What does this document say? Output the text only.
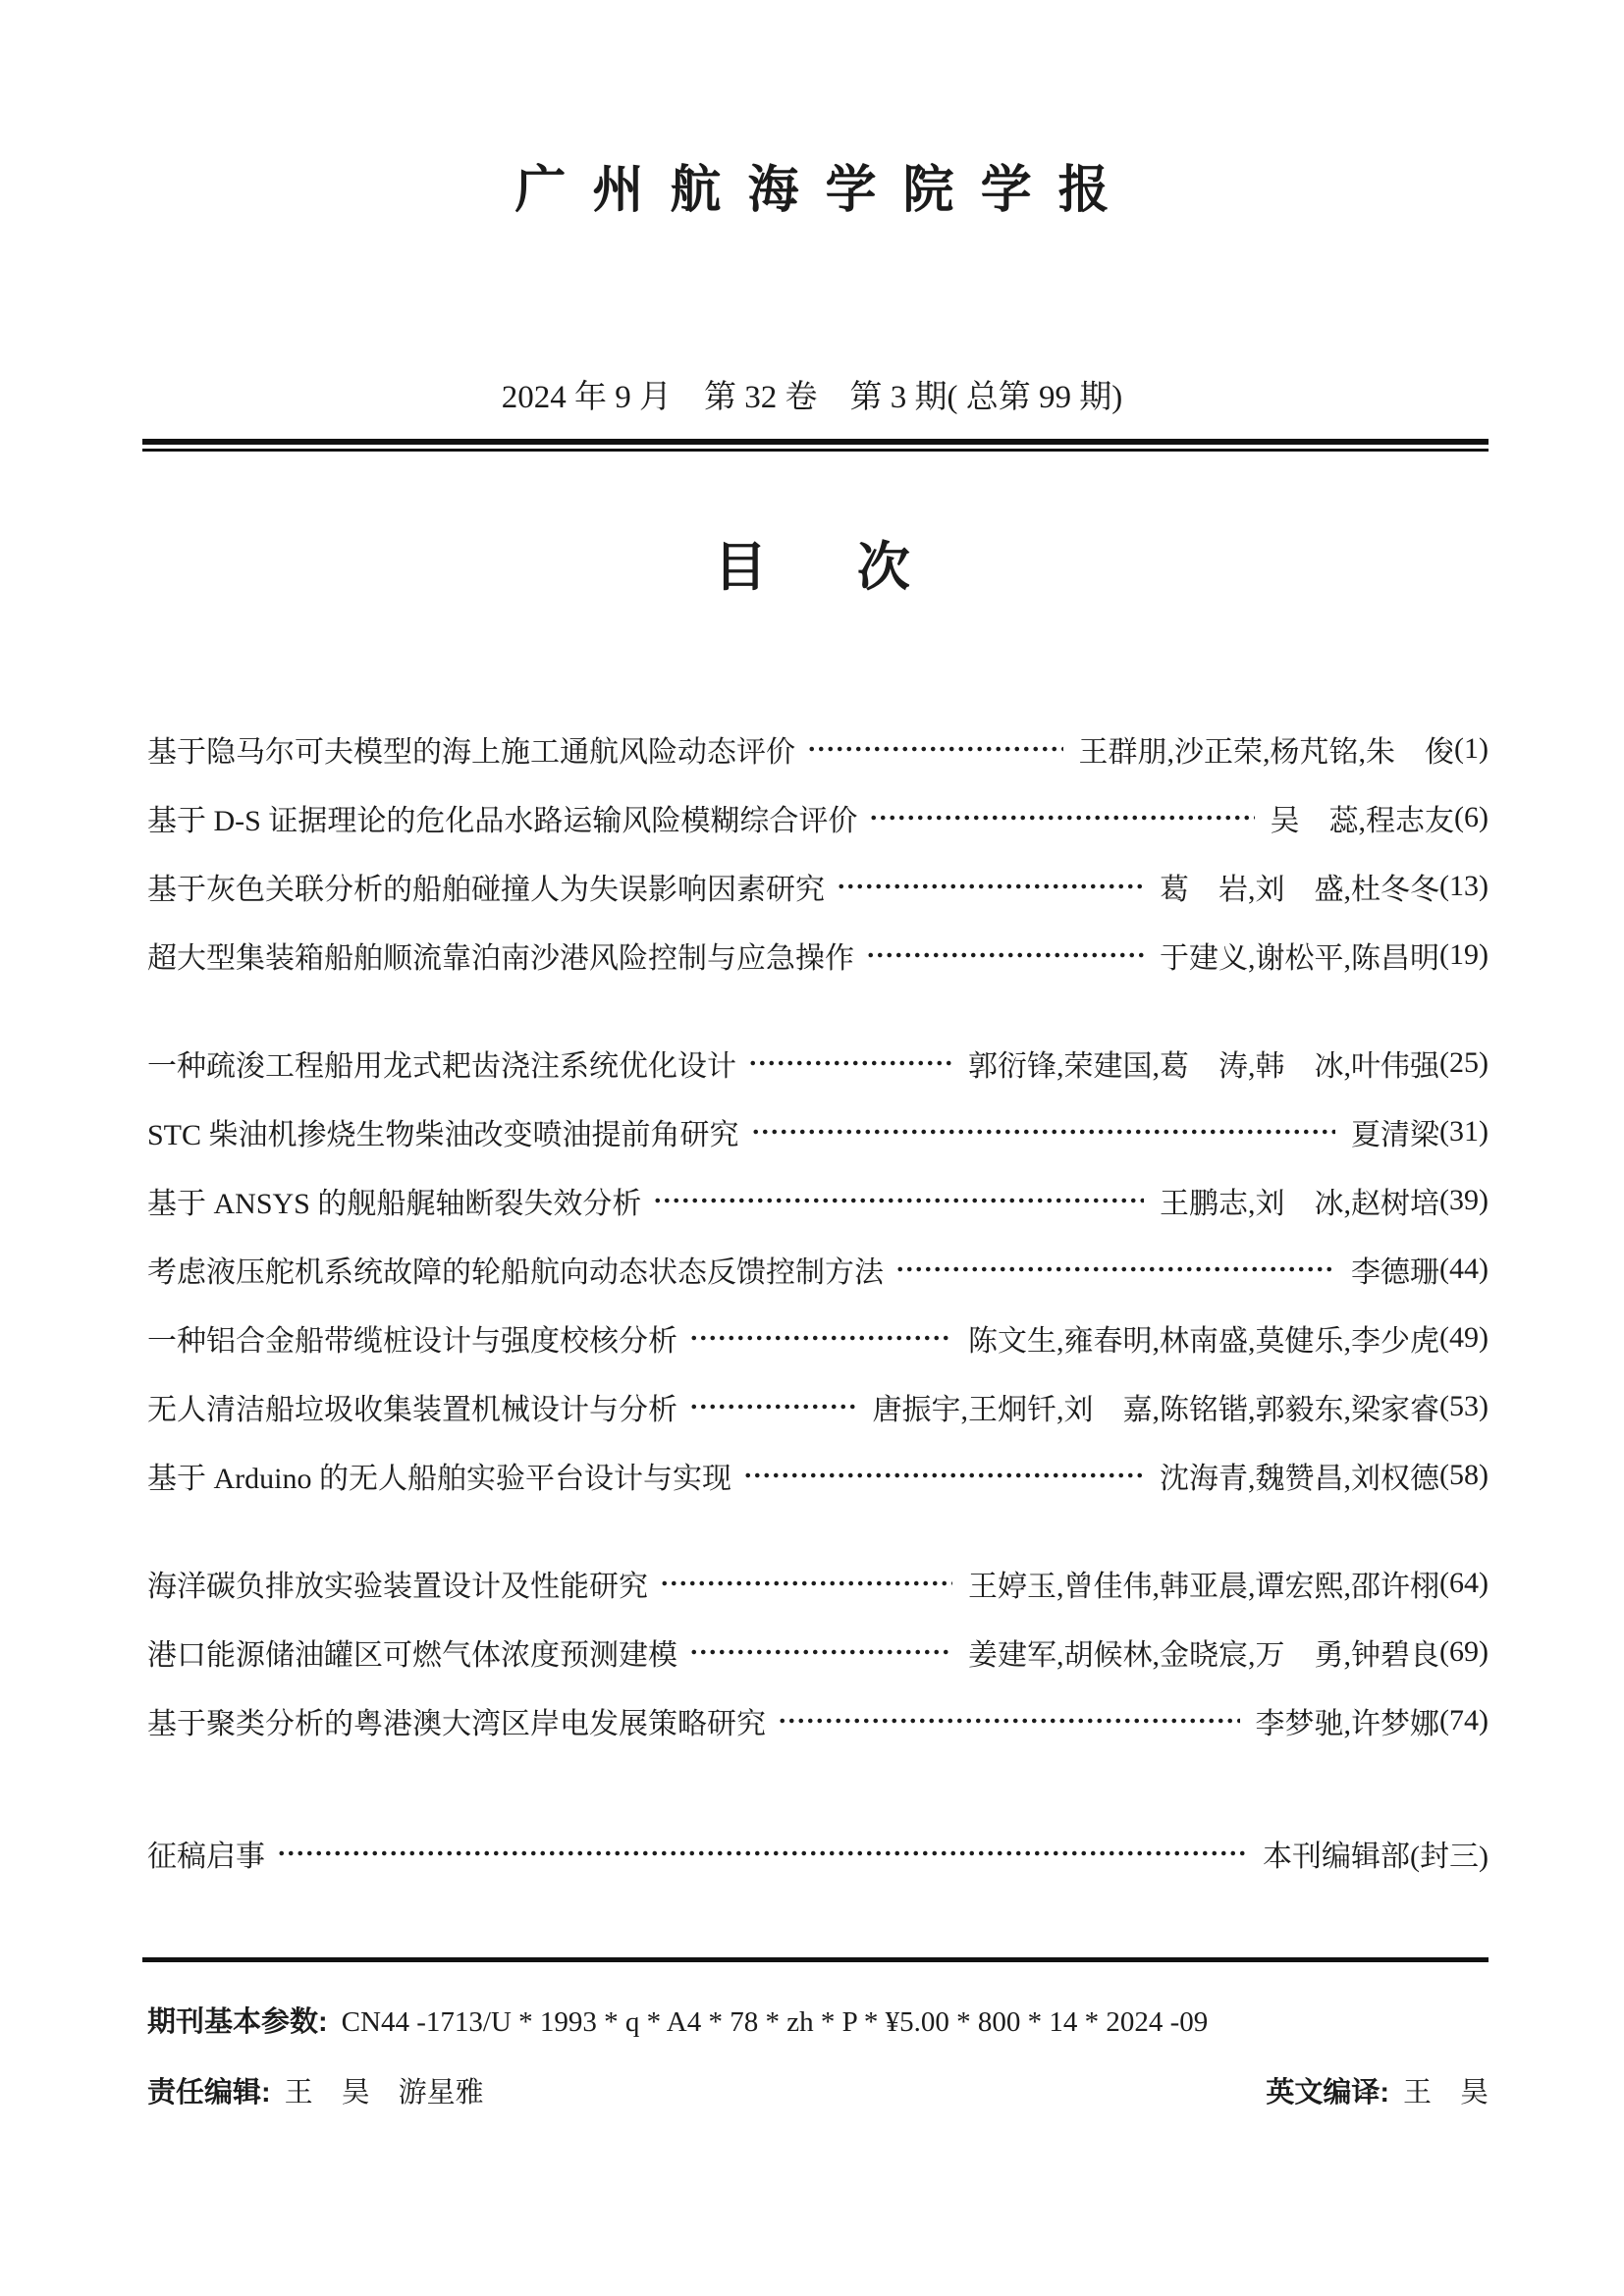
广州航海学院学报
2024 年 9 月　第 32 卷　第 3 期( 总第 99 期)
目次
基于隐马尔可夫模型的海上施工通航风险动态评价	王群朋,沙正荣,杨芃铭,朱　俊 (1)
基于 D-S 证据理论的危化品水路运输风险模糊综合评价	吴　蕊,程志友 (6)
基于灰色关联分析的船舶碰撞人为失误影响因素研究	葛　岩,刘　盛,杜冬冬 (13)
超大型集装箱船舶顺流靠泊南沙港风险控制与应急操作	于建义,谢松平,陈昌明 (19)
一种疏浚工程船用龙式耙齿浇注系统优化设计	郭衍锋,荣建国,葛　涛,韩　冰,叶伟强 (25)
STC 柴油机掺烧生物柴油改变喷油提前角研究	夏清梁 (31)
基于 ANSYS 的舰船艉轴断裂失效分析	王鹏志,刘　冰,赵树培 (39)
考虑液压舵机系统故障的轮船航向动态状态反馈控制方法	李德珊 (44)
一种铝合金船带缆桩设计与强度校核分析	陈文生,雍春明,林南盛,莫健乐,李少虎 (49)
无人清洁船垃圾收集装置机械设计与分析	唐振宇,王炯钎,刘　嘉,陈铭锴,郭毅东,梁家睿 (53)
基于 Arduino 的无人船舶实验平台设计与实现	沈海青,魏赞昌,刘权德 (58)
海洋碳负排放实验装置设计及性能研究	王婷玉,曾佳伟,韩亚晨,谭宏熙,邵许栩 (64)
港口能源储油罐区可燃气体浓度预测建模	姜建军,胡候林,金晓宸,万　勇,钟碧良 (69)
基于聚类分析的粤港澳大湾区岸电发展策略研究	李梦驰,许梦娜 (74)
征稿启事	本刊编辑部 (封三)
期刊基本参数: CN44 -1713/U * 1993 * q * A4 * 78 * zh * P * ¥5.00 * 800 * 14 * 2024 -09
责任编辑: 王　昊　游星雅	英文编译: 王　昊
